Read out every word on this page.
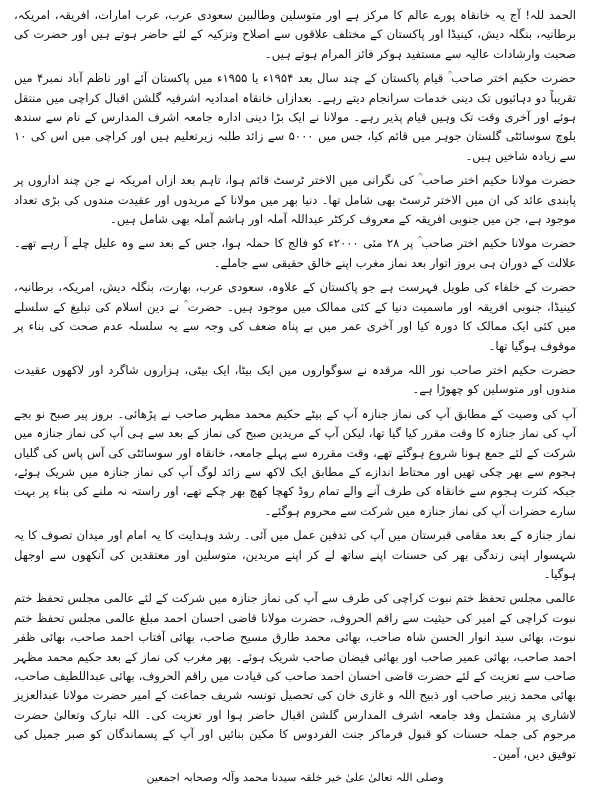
الحمد للہ! آج یہ خانقاہ پورے عالم کا مرکز ہے اور متوسلین وطالبین سعودی عرب، عرب امارات، افریقہ، امریکہ، برطانیہ، بنگلہ دیش، کینیڈا اور پاکستان کے مختلف علاقوں سے اصلاح وتزکیہ کے لئے حاضر ہوتے ہیں اور حضرت کی صحبت وارشادات عالیہ سے مستفید ہوکر فائز المرام ہوتے ہیں۔

حضرت حکیم اختر صاحب ؒ قیام پاکستان کے چند سال بعد ۱۹۵۴ء یا ۱۹۵۵ء میں پاکستان آئے اور ناظم آباد نمبر۴ میں تقریباً دو دہائیوں تک دینی خدمات سرانجام دیتے رہے۔ بعدازاں خانقاہ امدادیہ اشرفیہ گلشن اقبال کراچی میں منتقل ہوئے اور آخری وقت تک وہیں قیام پذیر رہے۔ مولانا نے ایک بڑا دینی ادارہ جامعہ اشرف المدارس کے نام سے سندھ بلوچ سوسائٹی گلستان جوہر میں قائم کیا، جس میں ۵۰۰۰ سے زائد طلبہ زیرتعلیم ہیں اور کراچی میں اس کی ۱۰ سے زیادہ شاخیں ہیں۔

حضرت مولانا حکیم اختر صاحب ؒ کی نگرانی میں الاختر ٹرسٹ قائم ہوا، تاہم بعد ازاں امریکہ نے جن چند اداروں پر پابندی عائد کی ان میں الاختر ٹرسٹ بھی شامل تھا۔ دنیا بھر میں مولانا کے مریدوں اور عقیدت مندوں کی بڑی تعداد موجود ہے، جن میں جنوبی افریقہ کے معروف کرکٹر عبداللہ آملہ اور ہاشم آملہ بھی شامل ہیں۔

حضرت مولانا حکیم اختر صاحب ؒ پر ۲۸ مئی ۲۰۰۰ء کو فالج کا حملہ ہوا، جس کے بعد سے وہ علیل چلے آ رہے تھے۔ علالت کے دوران ہی بروز اتوار بعد نماز مغرب اپنے خالق حقیقی سے جاملے۔

حضرت کے خلفاء کی طویل فہرست ہے جو پاکستان کے علاوہ، سعودی عرب، بھارت، بنگلہ دیش، امریکہ، برطانیہ، کینیڈا، جنوبی افریقہ اور ماسمیت دنیا کے کئی ممالک میں موجود ہیں۔ حضرت ؒ نے دین اسلام کی تبلیغ کے سلسلے میں کئی ایک ممالک کا دورہ کیا اور آخری عمر میں بے پناہ ضعف کی وجہ سے یہ سلسلہ عدم صحت کی بناء پر موقوف ہوگیا تھا۔

حضرت حکیم اختر صاحب نور اللہ مرقدہ نے سوگواروں میں ایک بیٹا، ایک بیٹی، ہزاروں شاگرد اور لاکھوں عقیدت مندوں اور متوسلین کو چھوڑا ہے۔

آپ کی وصیت کے مطابق آپ کی نماز جنازہ آپ کے بیٹے حکیم محمد مظہر صاحب نے پڑھائی۔ بروز پیر صبح نو بجے آپ کی نماز جنازہ کا وقت مقرر کیا گیا تھا، لیکن آپ کے مریدین صبح کی نماز کے بعد سے ہی آپ کی نماز جنازہ میں شرکت کے لئے جمع ہونا شروع ہوگئے تھے، وقت مقررہ سے پہلے جامعہ، خانقاہ اور سوسائٹی کی آس پاس کی گلیاں ہجوم سے بھر چکی تھیں اور محتاط اندازے کے مطابق ایک لاکھ سے زائد لوگ آپ کی نماز جنازہ میں شریک ہوئے، جبکہ کثرت ہجوم سے خانقاہ کی طرف آنے والے تمام روڈ کھچا کھچ بھر چکے تھے، اور راستہ نہ ملنے کی بناء پر بہت سارے حضرات آپ کی نماز جنازہ میں شرکت سے محروم ہوگئے۔

نماز جنازہ کے بعد مقامی قبرستان میں آپ کی تدفین عمل میں آئی۔ رشد وہدایت کا یہ امام اور میدان تصوف کا یہ شہسوار اپنی زندگی بھر کی حسنات اپنے ساتھ لے کر اپنے مریدین، متوسلین اور معتقدین کی آنکھوں سے اوجھل ہوگیا۔

عالمی مجلس تحفظ ختم نبوت کراچی کی طرف سے آپ کی نماز جنازہ میں شرکت کے لئے عالمی مجلس تحفظ ختم نبوت کراچی کے امیر کی حیثیت سے راقم الحروف، حضرت مولانا قاضی احسان احمد مبلغ عالمی مجلس تحفظ ختم نبوت، بھائی سید انوار الحسن شاہ صاحب، بھائی محمد طارق مسیح صاحب، بھائی آفتاب احمد صاحب، بھائی ظفر احمد صاحب، بھائی عمیر صاحب اور بھائی فیضان صاحب شریک ہوئے۔ پھر مغرب کی نماز کے بعد حکیم محمد مظہر صاحب سے تعزیت کے لئے حضرت قاضی احسان احمد صاحب کی قیادت میں راقم الحروف، بھائی عبداللطیف صاحب، بھائی محمد زبیر صاحب اور ذبیح اللہ و غازی خان کی تحصیل تونسہ شریف جماعت کے امیر حضرت مولانا عبدالعزیز لاشاری پر مشتمل وفد جامعہ اشرف المدارس گلشن اقبال حاضر ہوا اور تعزیت کی۔ اللہ تبارک وتعالیٰ حضرت مرحوم کی جملہ حسنات کو قبول فرماکر جنت الفردوس کا مکین بنائیں اور آپ کے پسماندگان کو صبر جمیل کی توفیق دیں، آمین۔

وصلی اللہ تعالیٰ علیٰ خیر خلقہ سیدنا محمد وآلہ وصحابہ اجمعین
